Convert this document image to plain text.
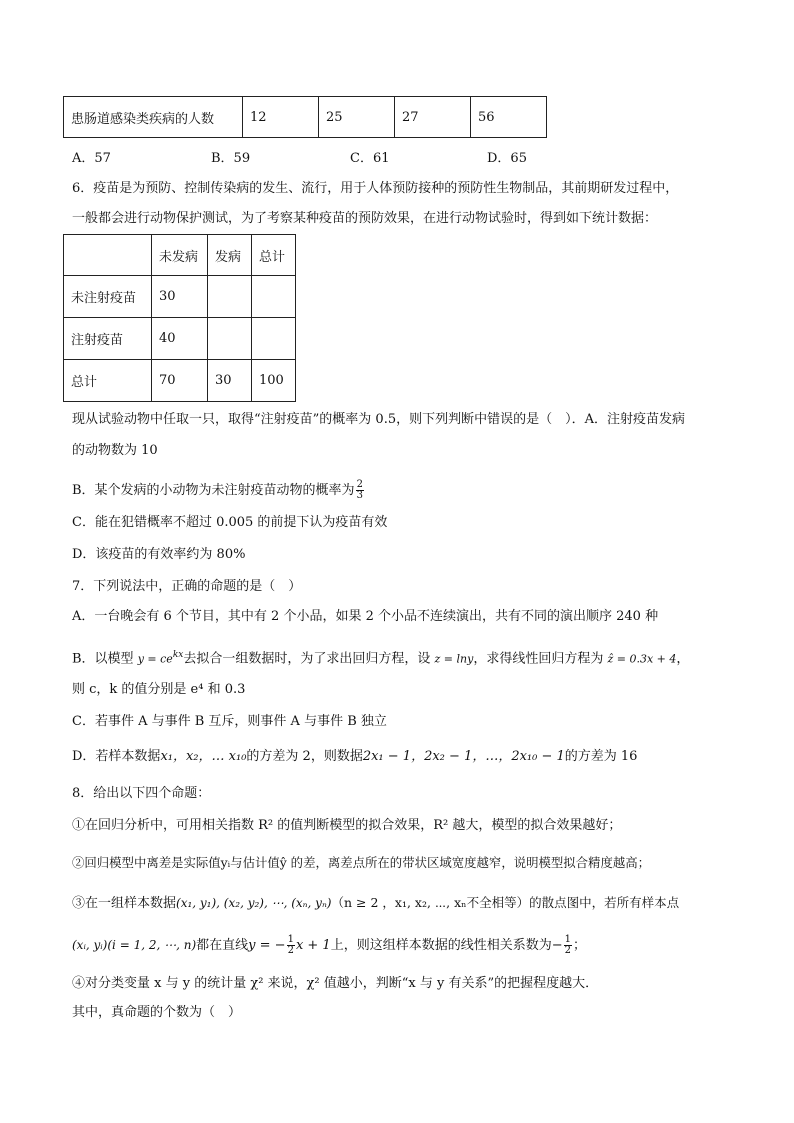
患肠道感染类疾病的人数	12	25	27	56
A．57	B．59	C．61	D．65
6．疫苗是为预防、控制传染病的发生、流行，用于人体预防接种的预防性生物制品，其前期研发过程中，
一般都会进行动物保护测试，为了考察某种疫苗的预防效果，在进行动物试验时，得到如下统计数据：
	未发病	发病	总计
未注射疫苗	30		
注射疫苗	40		
总计	70	30	100
现从试验动物中任取一只，取得“注射疫苗”的概率为 0.5，则下列判断中错误的是（　）．A．注射疫苗发病
的动物数为 10
B．某个发病的小动物为未注射疫苗动物的概率为 $\frac{2}{3}$
C．能在犯错概率不超过 0.005 的前提下认为疫苗有效
D．该疫苗的有效率约为 80%
7．下列说法中，正确的命题的是（　）
A．一台晚会有 6 个节目，其中有 2 个小品，如果 2 个小品不连续演出，共有不同的演出顺序 240 种
B．以模型 $y = ce^{kx}$去拟合一组数据时，为了求出回归方程，设 z = lny，求得线性回归方程为 ẑ = 0.3x + 4，
则 c，k 的值分别是 e⁴ 和 0.3
C．若事件 A 与事件 B 互斥，则事件 A 与事件 B 独立
D．若样本数据x₁，x₂，… x₁₀的方差为 2，则数据2x₁ − 1，2x₂ − 1，…，2x₁₀ − 1的方差为 16
8．给出以下四个命题：
①在回归分析中，可用相关指数 R² 的值判断模型的拟合效果，R² 越大，模型的拟合效果越好；
②回归模型中离差是实际值yᵢ与估计值ŷ 的差，离差点所在的带状区域宽度越窄，说明模型拟合精度越高；
③在一组样本数据(x₁, y₁), (x₂, y₂), ⋯, (xₙ, yₙ)（n ≥ 2 ，x₁, x₂, ⋯, xₙ不全相等）的散点图中，若所有样本点
(xᵢ, yᵢ)(i = 1, 2, ⋯, n)都在直线y = − $\frac{1}{2}$ x + 1上，则这组样本数据的线性相关系数为− $\frac{1}{2}$ ；
④对分类变量 x 与 y 的统计量 χ² 来说，χ² 值越小，判断“x 与 y 有关系”的把握程度越大．
其中，真命题的个数为（　）
